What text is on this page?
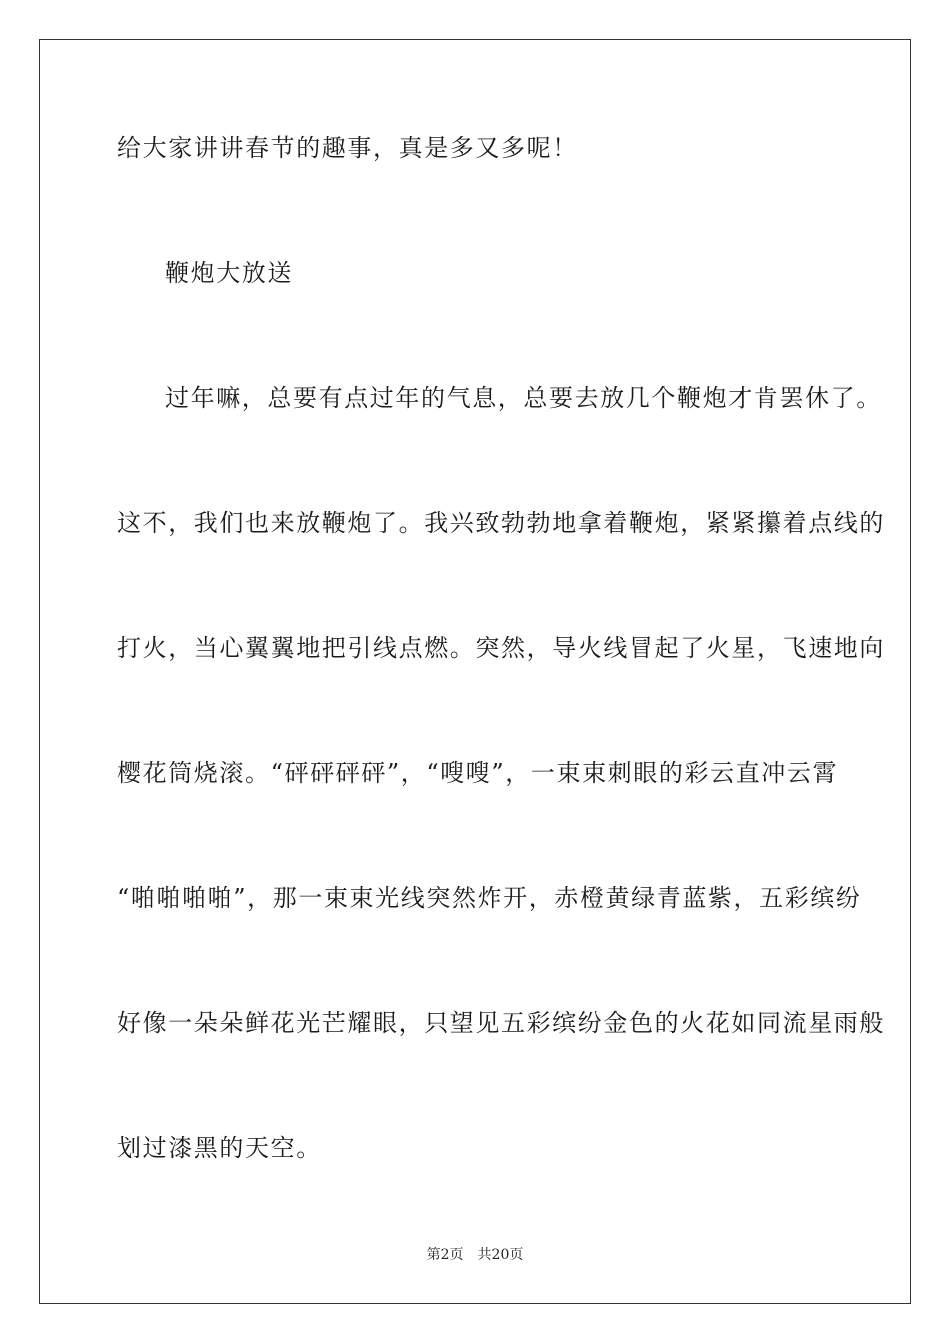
给大家讲讲春节的趣事，真是多又多呢！
鞭炮大放送
过年嘛，总要有点过年的气息，总要去放几个鞭炮才肯罢休了。
这不，我们也来放鞭炮了。我兴致勃勃地拿着鞭炮，紧紧攥着点线的
打火，当心翼翼地把引线点燃。突然，导火线冒起了火星，飞速地向
樱花筒烧滚。“砰砰砰砰”，“嗖嗖”，一束束刺眼的彩云直冲云霄
“啪啪啪啪”，那一束束光线突然炸开，赤橙黄绿青蓝紫，五彩缤纷
好像一朵朵鲜花光芒耀眼，只望见五彩缤纷金色的火花如同流星雨般
划过漆黑的天空。
第2页 共20页
